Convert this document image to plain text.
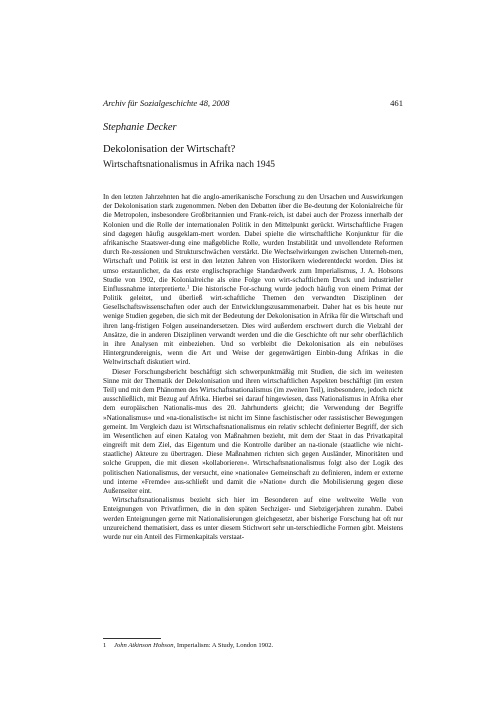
Archiv für Sozialgeschichte 48, 2008	461
Stephanie Decker
Dekolonisation der Wirtschaft?
Wirtschaftsnationalismus in Afrika nach 1945

In den letzten Jahrzehnten hat die anglo-amerikanische Forschung zu den Ursachen und Auswirkungen der Dekolonisation stark zugenommen. Neben den Debatten über die Be-deutung der Kolonialreiche für die Metropolen, insbesondere Großbritannien und Frank-reich, ist dabei auch der Prozess innerhalb der Kolonien und die Rolle der internationalen Politik in den Mittelpunkt gerückt. Wirtschaftliche Fragen sind dagegen häufig ausgeklam-mert worden. Dabei spielte die wirtschaftliche Konjunktur für die afrikanische Staatswer-dung eine maßgebliche Rolle, wurden Instabilität und unvollendete Reformen durch Re-zessionen und Strukturschwächen verstärkt. Die Wechselwirkungen zwischen Unterneh-men, Wirtschaft und Politik ist erst in den letzten Jahren von Historikern wiederentdeckt worden. Dies ist umso erstaunlicher, da das erste englischsprachige Standardwerk zum Imperialismus, J. A. Hobsons Studie von 1902, die Kolonialreiche als eine Folge von wirt-schaftlichem Druck und industrieller Einflussnahme interpretierte.$^1$ Die historische For-schung wurde jedoch häufig von einem Primat der Politik geleitet, und überließ wirt-schaftliche Themen den verwandten Disziplinen der Gesellschaftswissenschaften oder auch der Entwicklungszusammenarbeit. Daher hat es bis heute nur wenige Studien gegeben, die sich mit der Bedeutung der Dekolonisation in Afrika für die Wirtschaft und ihren lang-fristigen Folgen auseinandersetzen. Dies wird außerdem erschwert durch die Vielzahl der Ansätze, die in anderen Disziplinen verwandt werden und die die Geschichte oft nur sehr oberflächlich in ihre Analysen mit einbeziehen. Und so verbleibt die Dekolonisation als ein nebulöses Hintergrundereignis, wenn die Art und Weise der gegenwärtigen Einbin-dung Afrikas in die Weltwirtschaft diskutiert wird.

Dieser Forschungsbericht beschäftigt sich schwerpunktmäßig mit Studien, die sich im weitesten Sinne mit der Thematik der Dekolonisation und ihren wirtschaftlichen Aspekten beschäftigt (im ersten Teil) und mit dem Phänomen des Wirtschaftsnationalismus (im zweiten Teil), insbesondere, jedoch nicht ausschließlich, mit Bezug auf Afrika. Hierbei sei darauf hingewiesen, dass Nationalismus in Afrika eher dem europäischen Nationalis-mus des 20. Jahrhunderts gleicht; die Verwendung der Begriffe »Nationalismus« und »na-tionalistisch« ist nicht im Sinne faschistischer oder rassistischer Bewegungen gemeint. Im Vergleich dazu ist Wirtschaftsnationalismus ein relativ schlecht definierter Begriff, der sich im Wesentlichen auf einen Katalog von Maßnahmen bezieht, mit dem der Staat in das Privatkapital eingreift mit dem Ziel, das Eigentum und die Kontrolle darüber an na-tionale (staatliche wie nicht-staatliche) Akteure zu übertragen. Diese Maßnahmen richten sich gegen Ausländer, Minoritäten und solche Gruppen, die mit diesen »kollaborieren«. Wirtschaftsnationalismus folgt also der Logik des politischen Nationalismus, der versucht, eine »nationale« Gemeinschaft zu definieren, indem er externe und interne »Fremde« aus-schließt und damit die »Nation« durch die Mobilisierung gegen diese Außenseiter eint.

Wirtschaftsnationalismus bezieht sich hier im Besonderen auf eine weltweite Welle von Enteignungen von Privatfirmen, die in den späten Sechziger- und Siebzigerjahren zunahm. Dabei werden Enteignungen gerne mit Nationalisierungen gleichgesetzt, aber bisherige Forschung hat oft nur unzureichend thematisiert, dass es unter diesem Stichwort sehr un-terschiedliche Formen gibt. Meistens wurde nur ein Anteil des Firmenkapitals verstaat-

1 John Atkinson Hobson, Imperialism: A Study, London 1902.
